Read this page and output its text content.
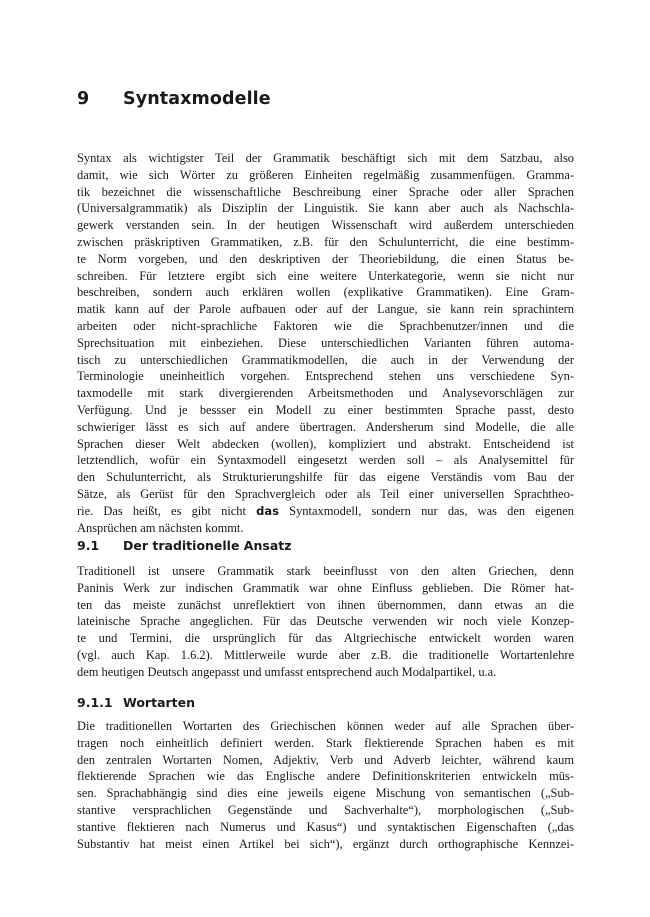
9 Syntaxmodelle
Syntax als wichtigster Teil der Grammatik beschäftigt sich mit dem Satzbau, also
damit, wie sich Wörter zu größeren Einheiten regelmäßig zusammenfügen. Gramma-
tik bezeichnet die wissenschaftliche Beschreibung einer Sprache oder aller Sprachen
(Universalgrammatik) als Disziplin der Linguistik. Sie kann aber auch als Nachschla-
gewerk verstanden sein. In der heutigen Wissenschaft wird außerdem unterschieden
zwischen präskriptiven Grammatiken, z.B. für den Schulunterricht, die eine bestimm-
te Norm vorgeben, und den deskriptiven der Theoriebildung, die einen Status be-
schreiben. Für letztere ergibt sich eine weitere Unterkategorie, wenn sie nicht nur
beschreiben, sondern auch erklären wollen (explikative Grammatiken). Eine Gram-
matik kann auf der Parole aufbauen oder auf der Langue, sie kann rein sprachintern
arbeiten oder nicht-sprachliche Faktoren wie die Sprachbenutzer/innen und die
Sprechsituation mit einbeziehen. Diese unterschiedlichen Varianten führen automa-
tisch zu unterschiedlichen Grammatikmodellen, die auch in der Verwendung der
Terminologie uneinheitlich vorgehen. Entsprechend stehen uns verschiedene Syn-
taxmodelle mit stark divergierenden Arbeitsmethoden und Analysevorschlägen zur
Verfügung. Und je bessser ein Modell zu einer bestimmten Sprache passt, desto
schwieriger lässt es sich auf andere übertragen. Andersherum sind Modelle, die alle
Sprachen dieser Welt abdecken (wollen), kompliziert und abstrakt. Entscheidend ist
letztendlich, wofür ein Syntaxmodell eingesetzt werden soll – als Analysemittel für
den Schulunterricht, als Strukturierungshilfe für das eigene Verständis vom Bau der
Sätze, als Gerüst für den Sprachvergleich oder als Teil einer universellen Sprachtheo-
rie. Das heißt, es gibt nicht das Syntaxmodell, sondern nur das, was den eigenen
Ansprüchen am nächsten kommt.
9.1 Der traditionelle Ansatz
Traditionell ist unsere Grammatik stark beeinflusst von den alten Griechen, denn
Paninis Werk zur indischen Grammatik war ohne Einfluss geblieben. Die Römer hat-
ten das meiste zunächst unreflektiert von ihnen übernommen, dann etwas an die
lateinische Sprache angeglichen. Für das Deutsche verwenden wir noch viele Konzep-
te und Termini, die ursprünglich für das Altgriechische entwickelt worden waren
(vgl. auch Kap. 1.6.2). Mittlerweile wurde aber z.B. die traditionelle Wortartenlehre
dem heutigen Deutsch angepasst und umfasst entsprechend auch Modalpartikel, u.a.
9.1.1 Wortarten
Die traditionellen Wortarten des Griechischen können weder auf alle Sprachen über-
tragen noch einheitlich definiert werden. Stark flektierende Sprachen haben es mit
den zentralen Wortarten Nomen, Adjektiv, Verb und Adverb leichter, während kaum
flektierende Sprachen wie das Englische andere Definitionskriterien entwickeln müs-
sen. Sprachabhängig sind dies eine jeweils eigene Mischung von semantischen („Sub-
stantive versprachlichen Gegenstände und Sachverhalte“), morphologischen („Sub-
stantive flektieren nach Numerus und Kasus“) und syntaktischen Eigenschaften („das
Substantiv hat meist einen Artikel bei sich“), ergänzt durch orthographische Kennzei-
